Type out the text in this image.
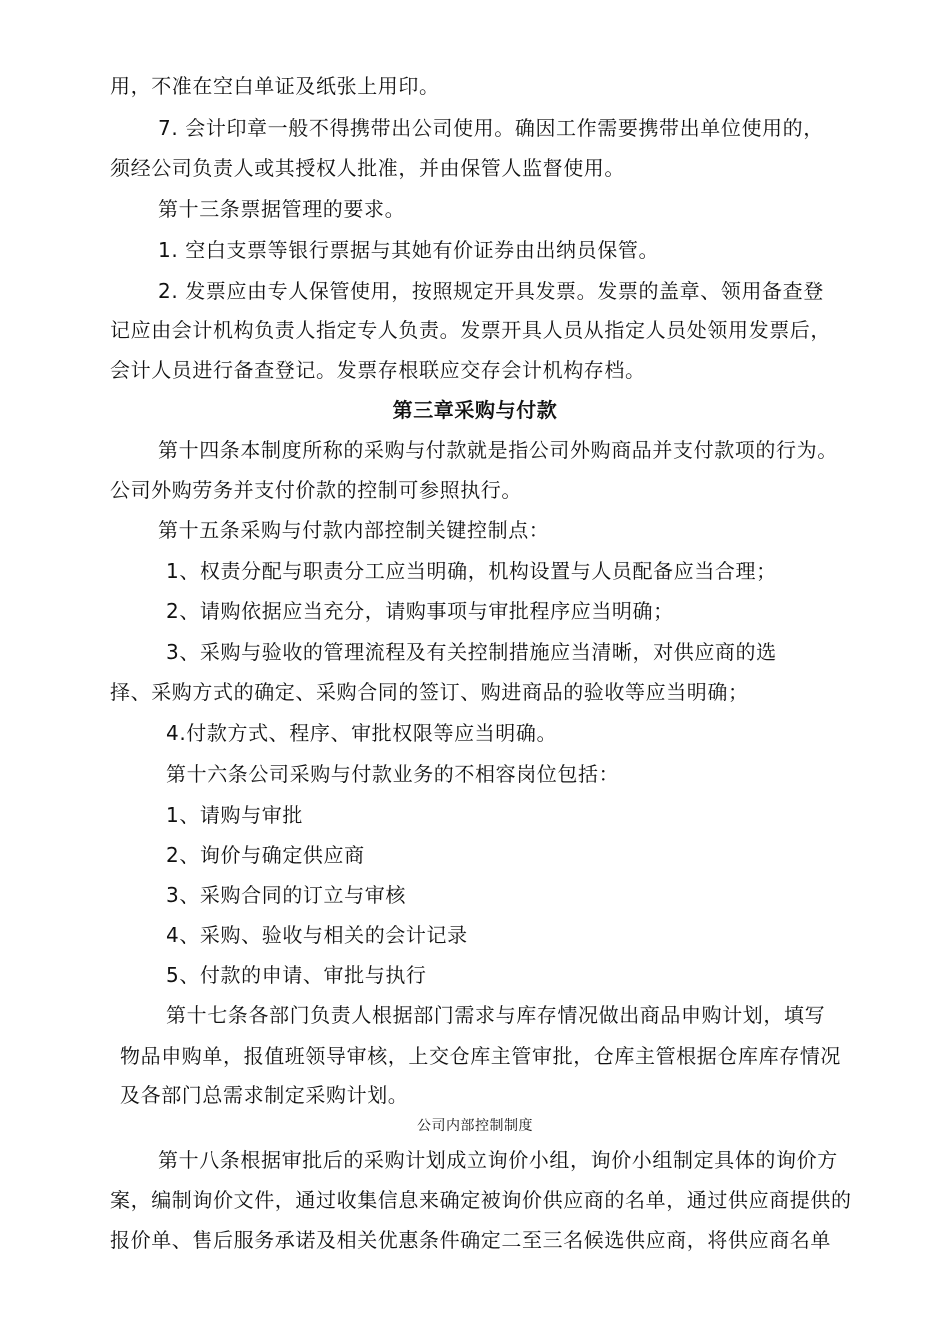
用，不准在空白单证及纸张上用印。
7. 会计印章一般不得携带出公司使用。确因工作需要携带出单位使用的，
须经公司负责人或其授权人批准，并由保管人监督使用。
第十三条票据管理的要求。
1. 空白支票等银行票据与其她有价证券由出纳员保管。
2. 发票应由专人保管使用，按照规定开具发票。发票的盖章、领用备查登
记应由会计机构负责人指定专人负责。发票开具人员从指定人员处领用发票后，
会计人员进行备查登记。发票存根联应交存会计机构存档。
第三章采购与付款
第十四条本制度所称的采购与付款就是指公司外购商品并支付款项的行为。
公司外购劳务并支付价款的控制可参照执行。
第十五条采购与付款内部控制关键控制点：
1、权责分配与职责分工应当明确，机构设置与人员配备应当合理；
2、请购依据应当充分，请购事项与审批程序应当明确；
3、采购与验收的管理流程及有关控制措施应当清晰，对供应商的选
择、采购方式的确定、采购合同的签订、购进商品的验收等应当明确；
4.付款方式、程序、审批权限等应当明确。
第十六条公司采购与付款业务的不相容岗位包括：
1、请购与审批
2、询价与确定供应商
3、采购合同的订立与审核
4、采购、验收与相关的会计记录
5、付款的申请、审批与执行
第十七条各部门负责人根据部门需求与库存情况做出商品申购计划，填写
物品申购单，报值班领导审核，上交仓库主管审批，仓库主管根据仓库库存情况
及各部门总需求制定采购计划。
公司内部控制制度
第十八条根据审批后的采购计划成立询价小组，询价小组制定具体的询价方
案，编制询价文件，通过收集信息来确定被询价供应商的名单，通过供应商提供的
报价单、售后服务承诺及相关优惠条件确定二至三名候选供应商，将供应商名单
